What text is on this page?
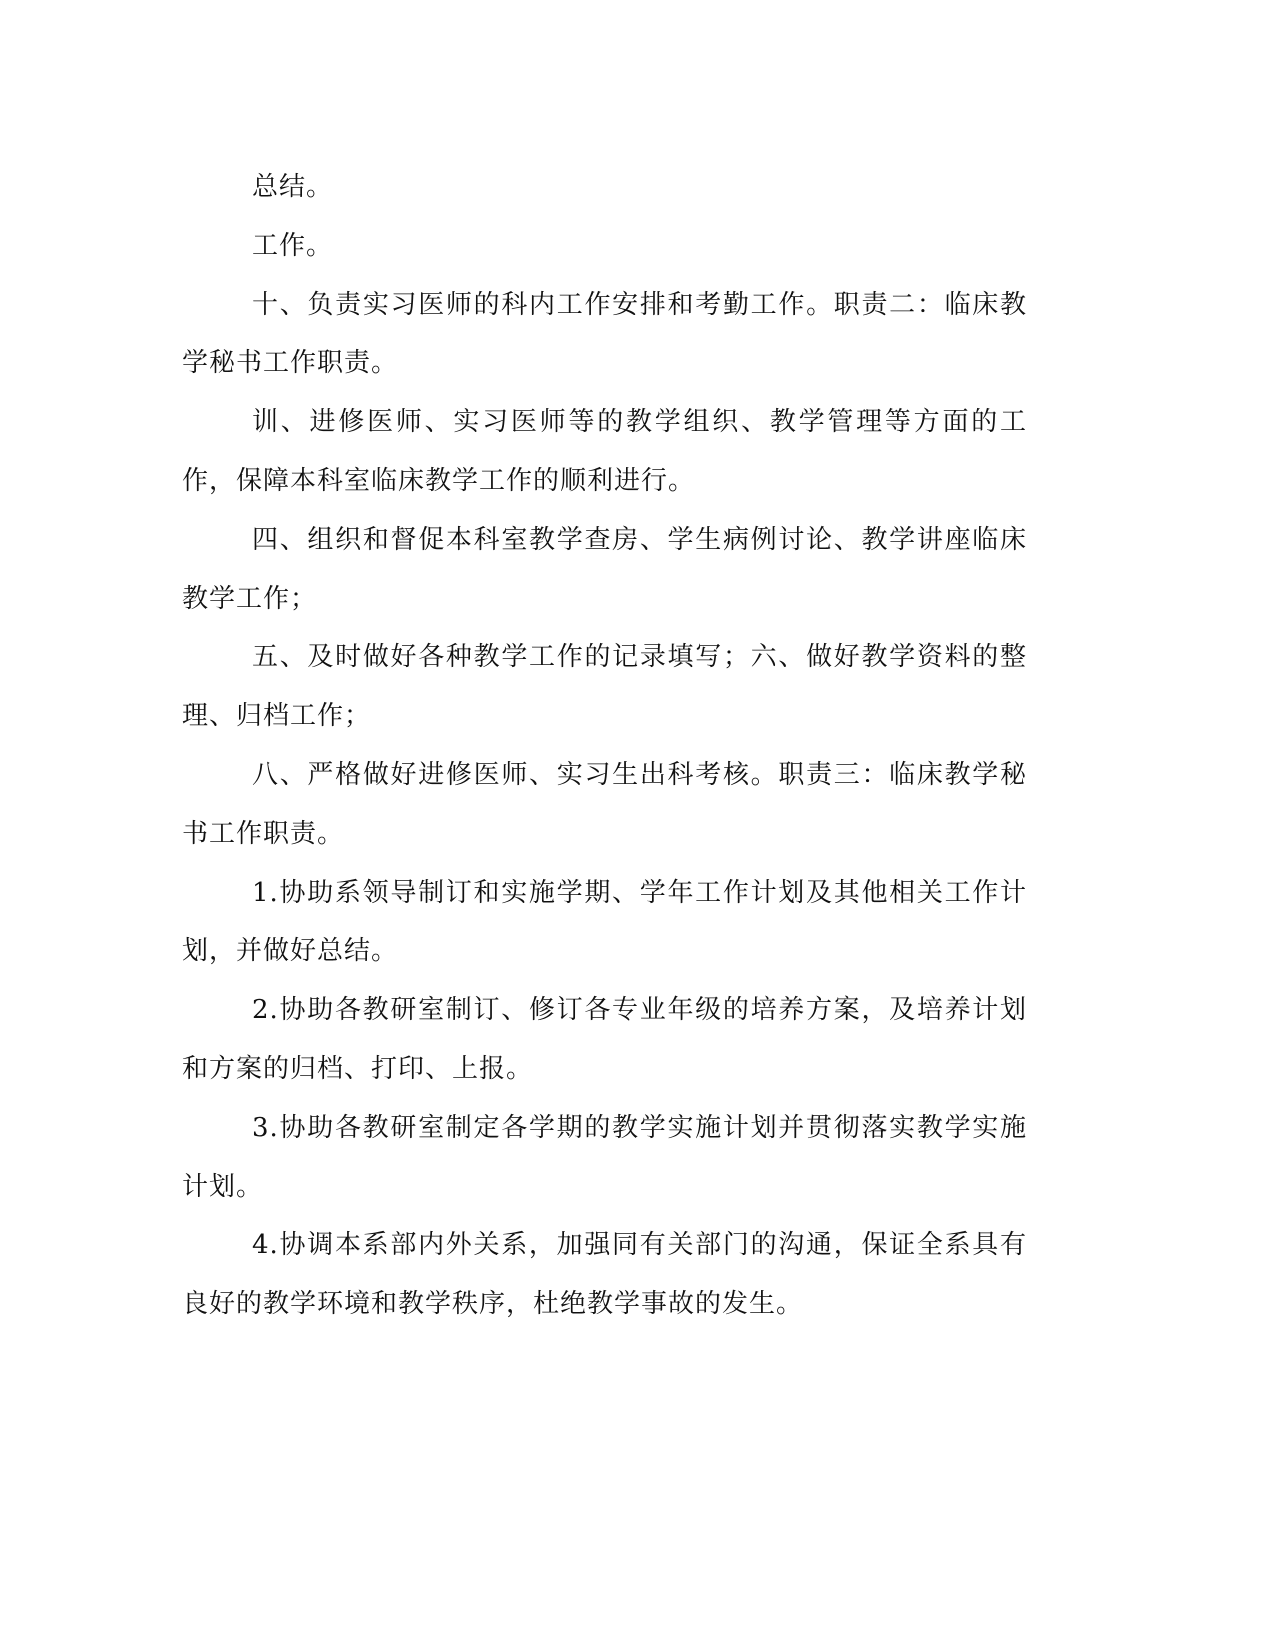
总结。

工作。

十、负责实习医师的科内工作安排和考勤工作。职责二：临床教学秘书工作职责。

训、进修医师、实习医师等的教学组织、教学管理等方面的工作，保障本科室临床教学工作的顺利进行。

四、组织和督促本科室教学查房、学生病例讨论、教学讲座临床教学工作；

五、及时做好各种教学工作的记录填写；六、做好教学资料的整理、归档工作；

八、严格做好进修医师、实习生出科考核。职责三：临床教学秘书工作职责。

1.协助系领导制订和实施学期、学年工作计划及其他相关工作计划，并做好总结。

2.协助各教研室制订、修订各专业年级的培养方案，及培养计划和方案的归档、打印、上报。

3.协助各教研室制定各学期的教学实施计划并贯彻落实教学实施计划。

4.协调本系部内外关系，加强同有关部门的沟通，保证全系具有良好的教学环境和教学秩序，杜绝教学事故的发生。
